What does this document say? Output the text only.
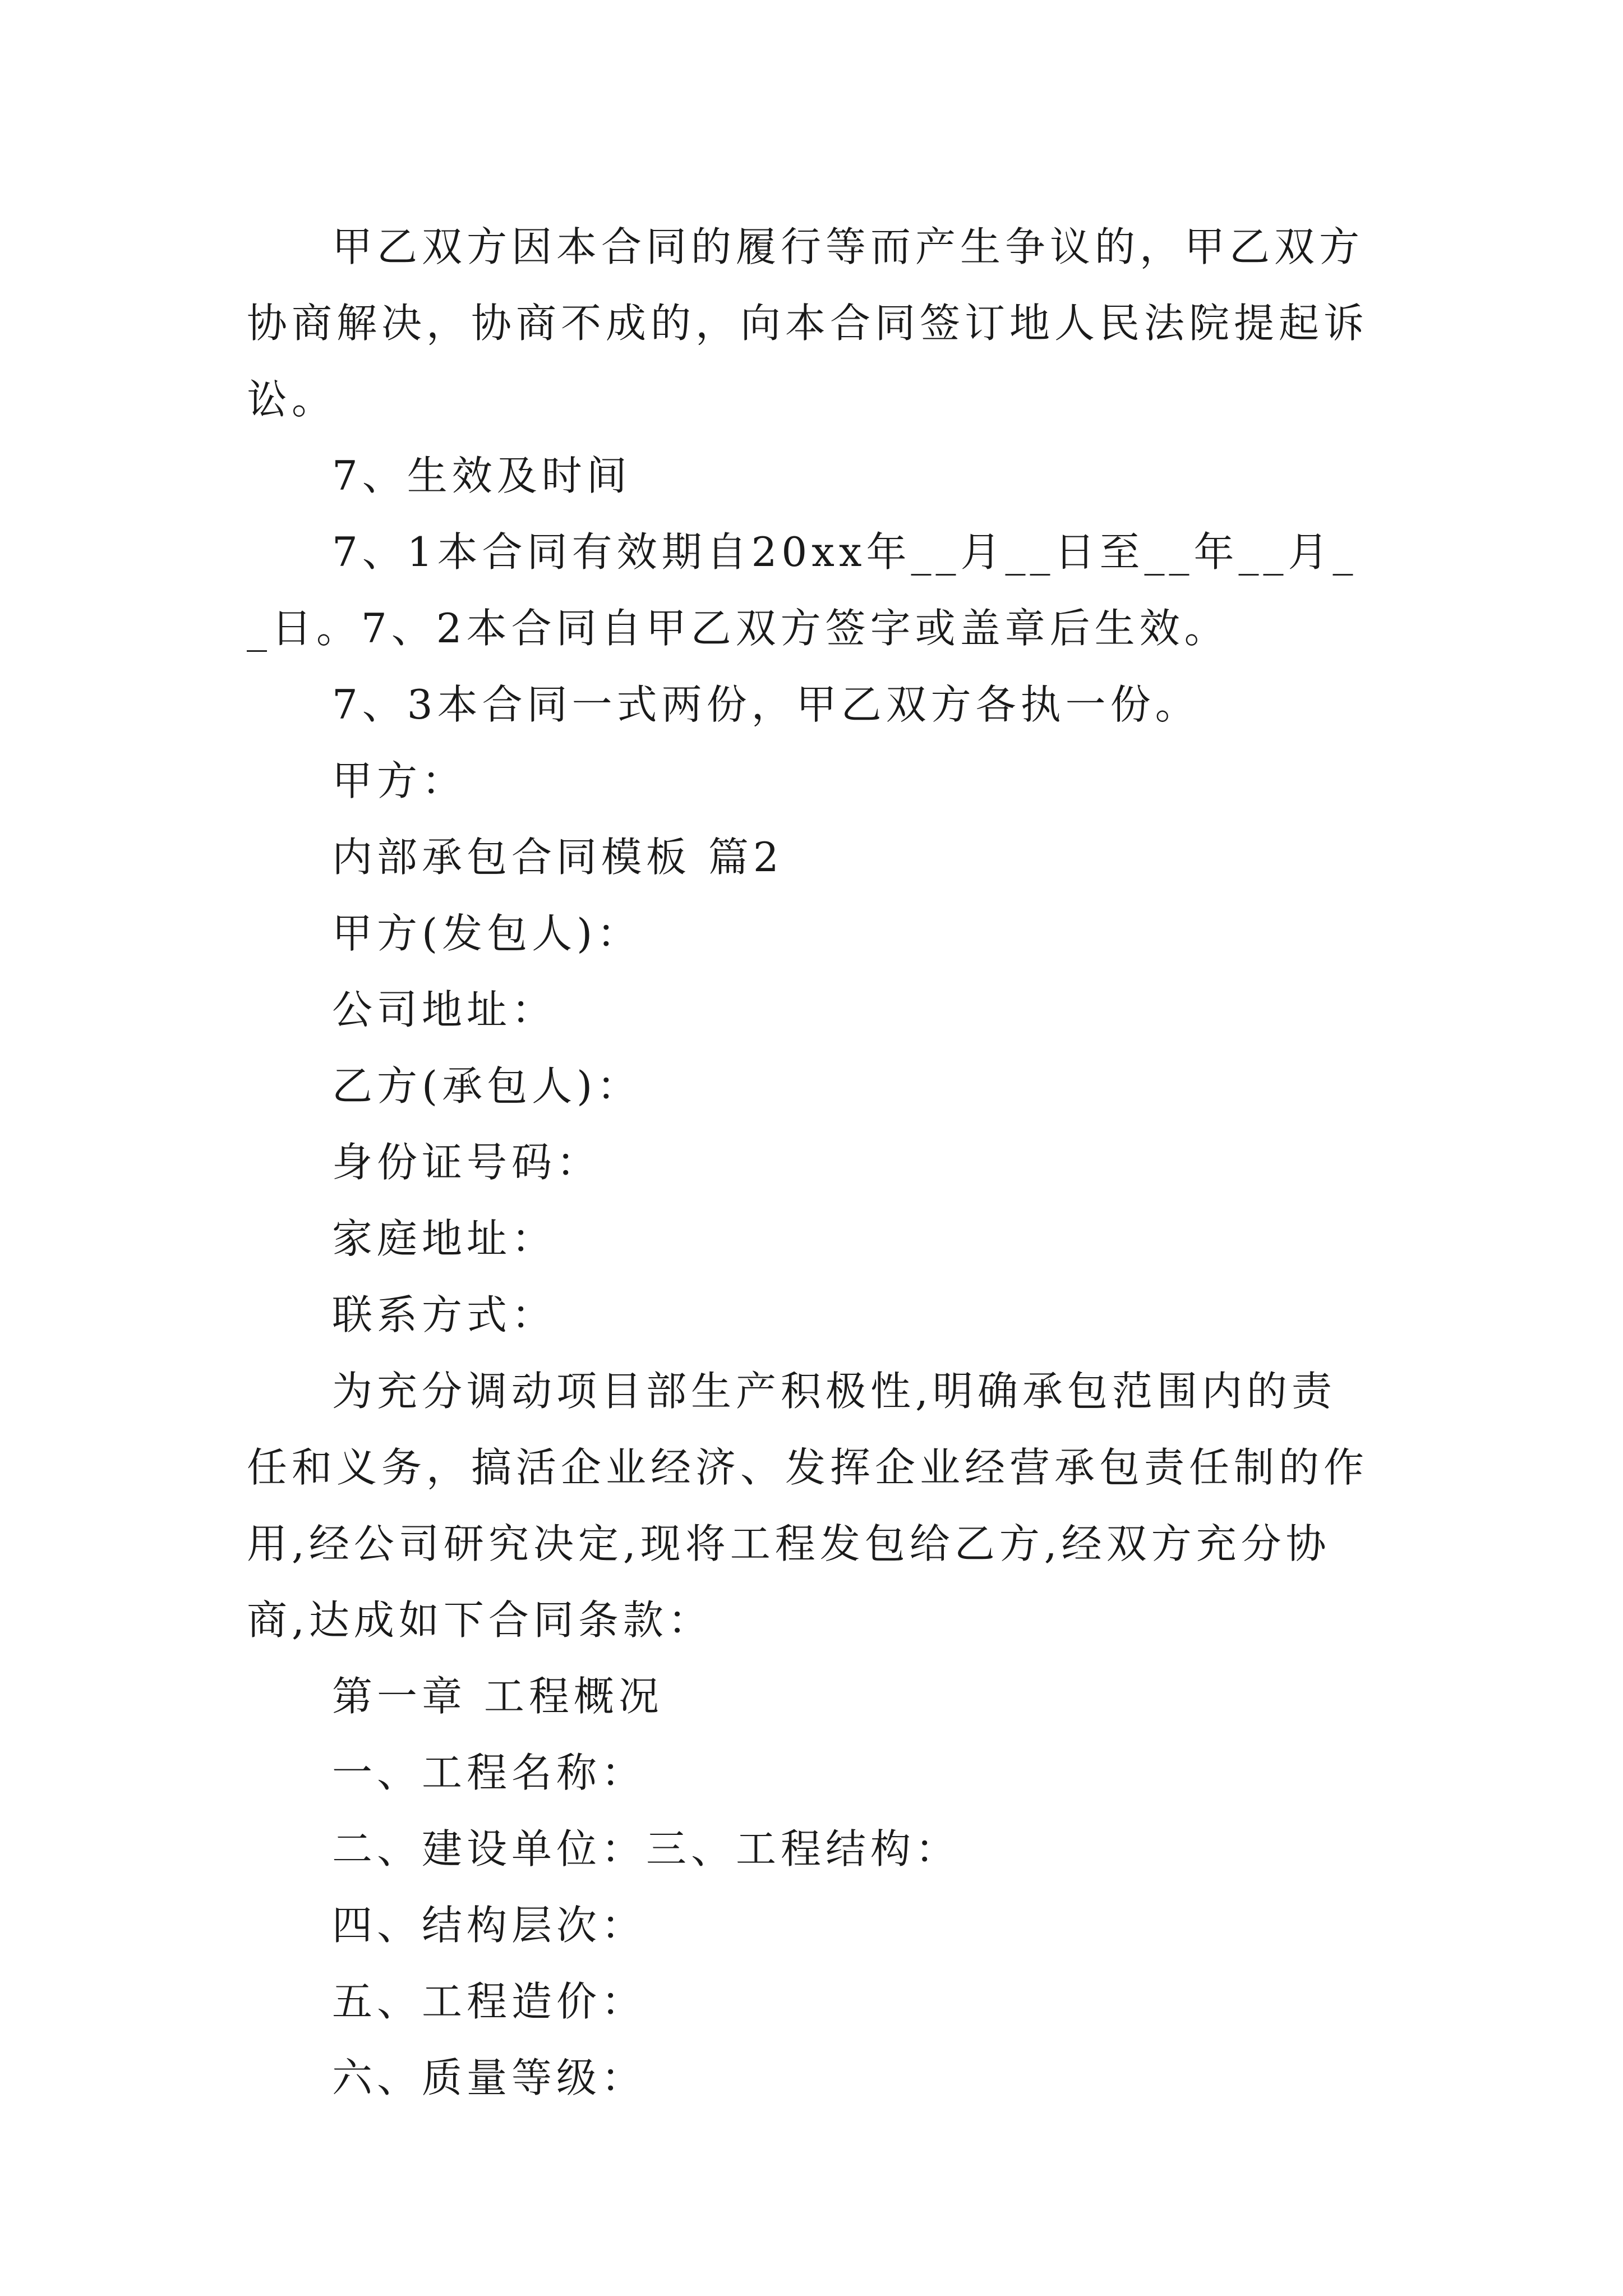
甲乙双方因本合同的履行等而产生争议的，甲乙双方协商解决，协商不成的，向本合同签订地人民法院提起诉讼。

7、生效及时间

7、1本合同有效期自20xx年__月__日至__年__月__日。7、2本合同自甲乙双方签字或盖章后生效。

7、3本合同一式两份，甲乙双方各执一份。

甲方：

内部承包合同模板 篇2

甲方(发包人)：

公司地址：

乙方(承包人)：

身份证号码：

家庭地址：

联系方式：

为充分调动项目部生产积极性,明确承包范围内的责任和义务，搞活企业经济、发挥企业经营承包责任制的作用,经公司研究决定,现将工程发包给乙方,经双方充分协商,达成如下合同条款：

第一章 工程概况

一、工程名称：

二、建设单位：三、工程结构：

四、结构层次：

五、工程造价：

六、质量等级：
